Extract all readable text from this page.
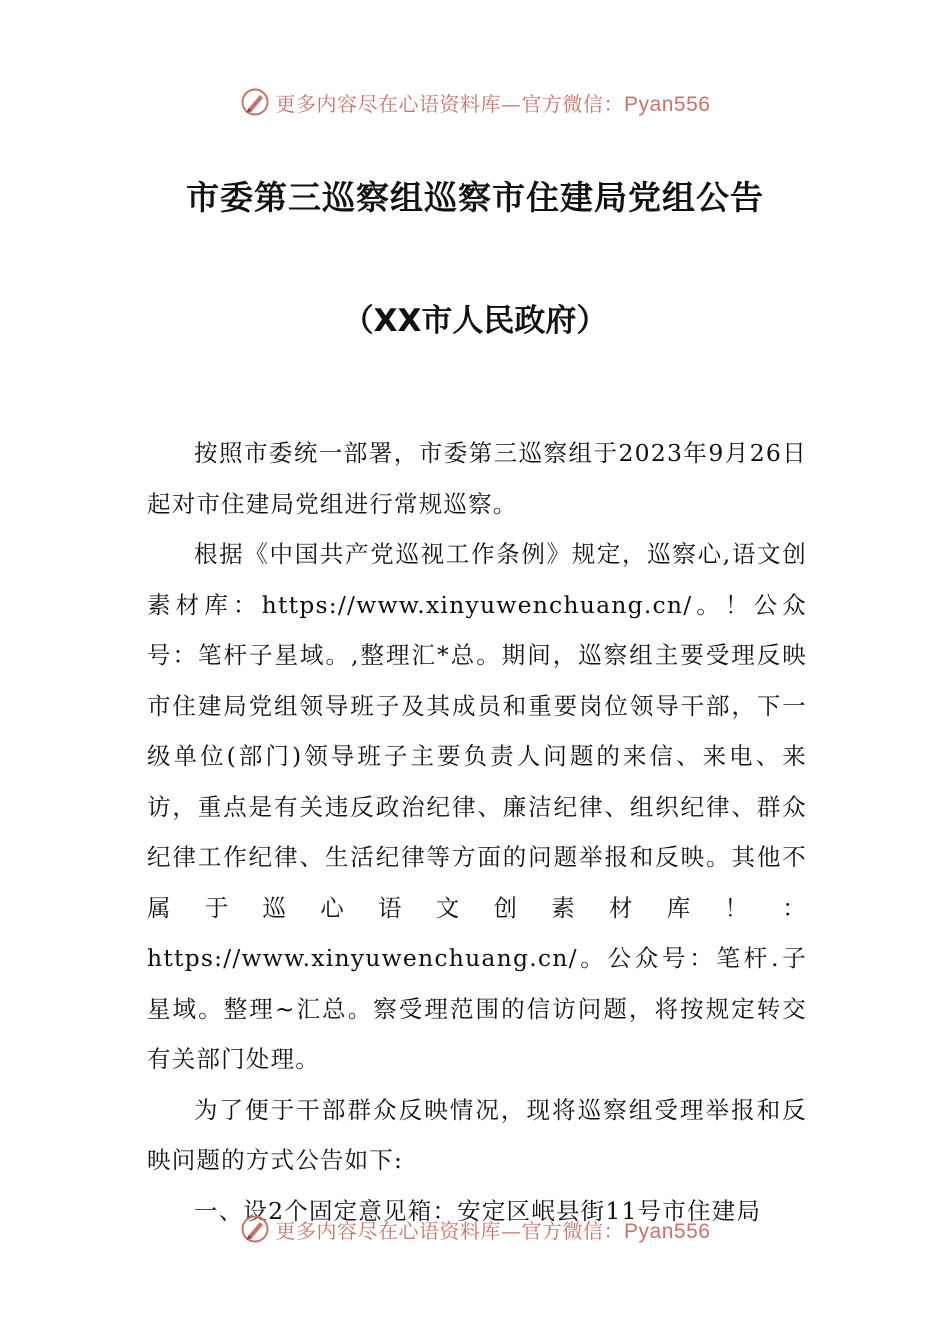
更多内容尽在心语资料库—官方微信：Pyan556
市委第三巡察组巡察市住建局党组公告
（XX市人民政府）

按照市委统一部署，市委第三巡察组于2023年9月26日起对市住建局党组进行常规巡察。

根据《中国共产党巡视工作条例》规定，巡察心,语文创素材库：https://www.xinyuwenchuang.cn/。！公众号：笔杆子星域。,整理汇*总。期间，巡察组主要受理反映市住建局党组领导班子及其成员和重要岗位领导干部，下一级单位(部门)领导班子主要负责人问题的来信、来电、来访，重点是有关违反政治纪律、廉洁纪律、组织纪律、群众纪律工作纪律、生活纪律等方面的问题举报和反映。其他不属于巡心语文创素材库！：https://www.xinyuwenchuang.cn/。公众号：笔杆.子星域。整理~汇总。察受理范围的信访问题，将按规定转交有关部门处理。

为了便于干部群众反映情况，现将巡察组受理举报和反映问题的方式公告如下:

一、设2个固定意见箱：安定区岷县街11号市住建局

更多内容尽在心语资料库—官方微信：Pyan556
